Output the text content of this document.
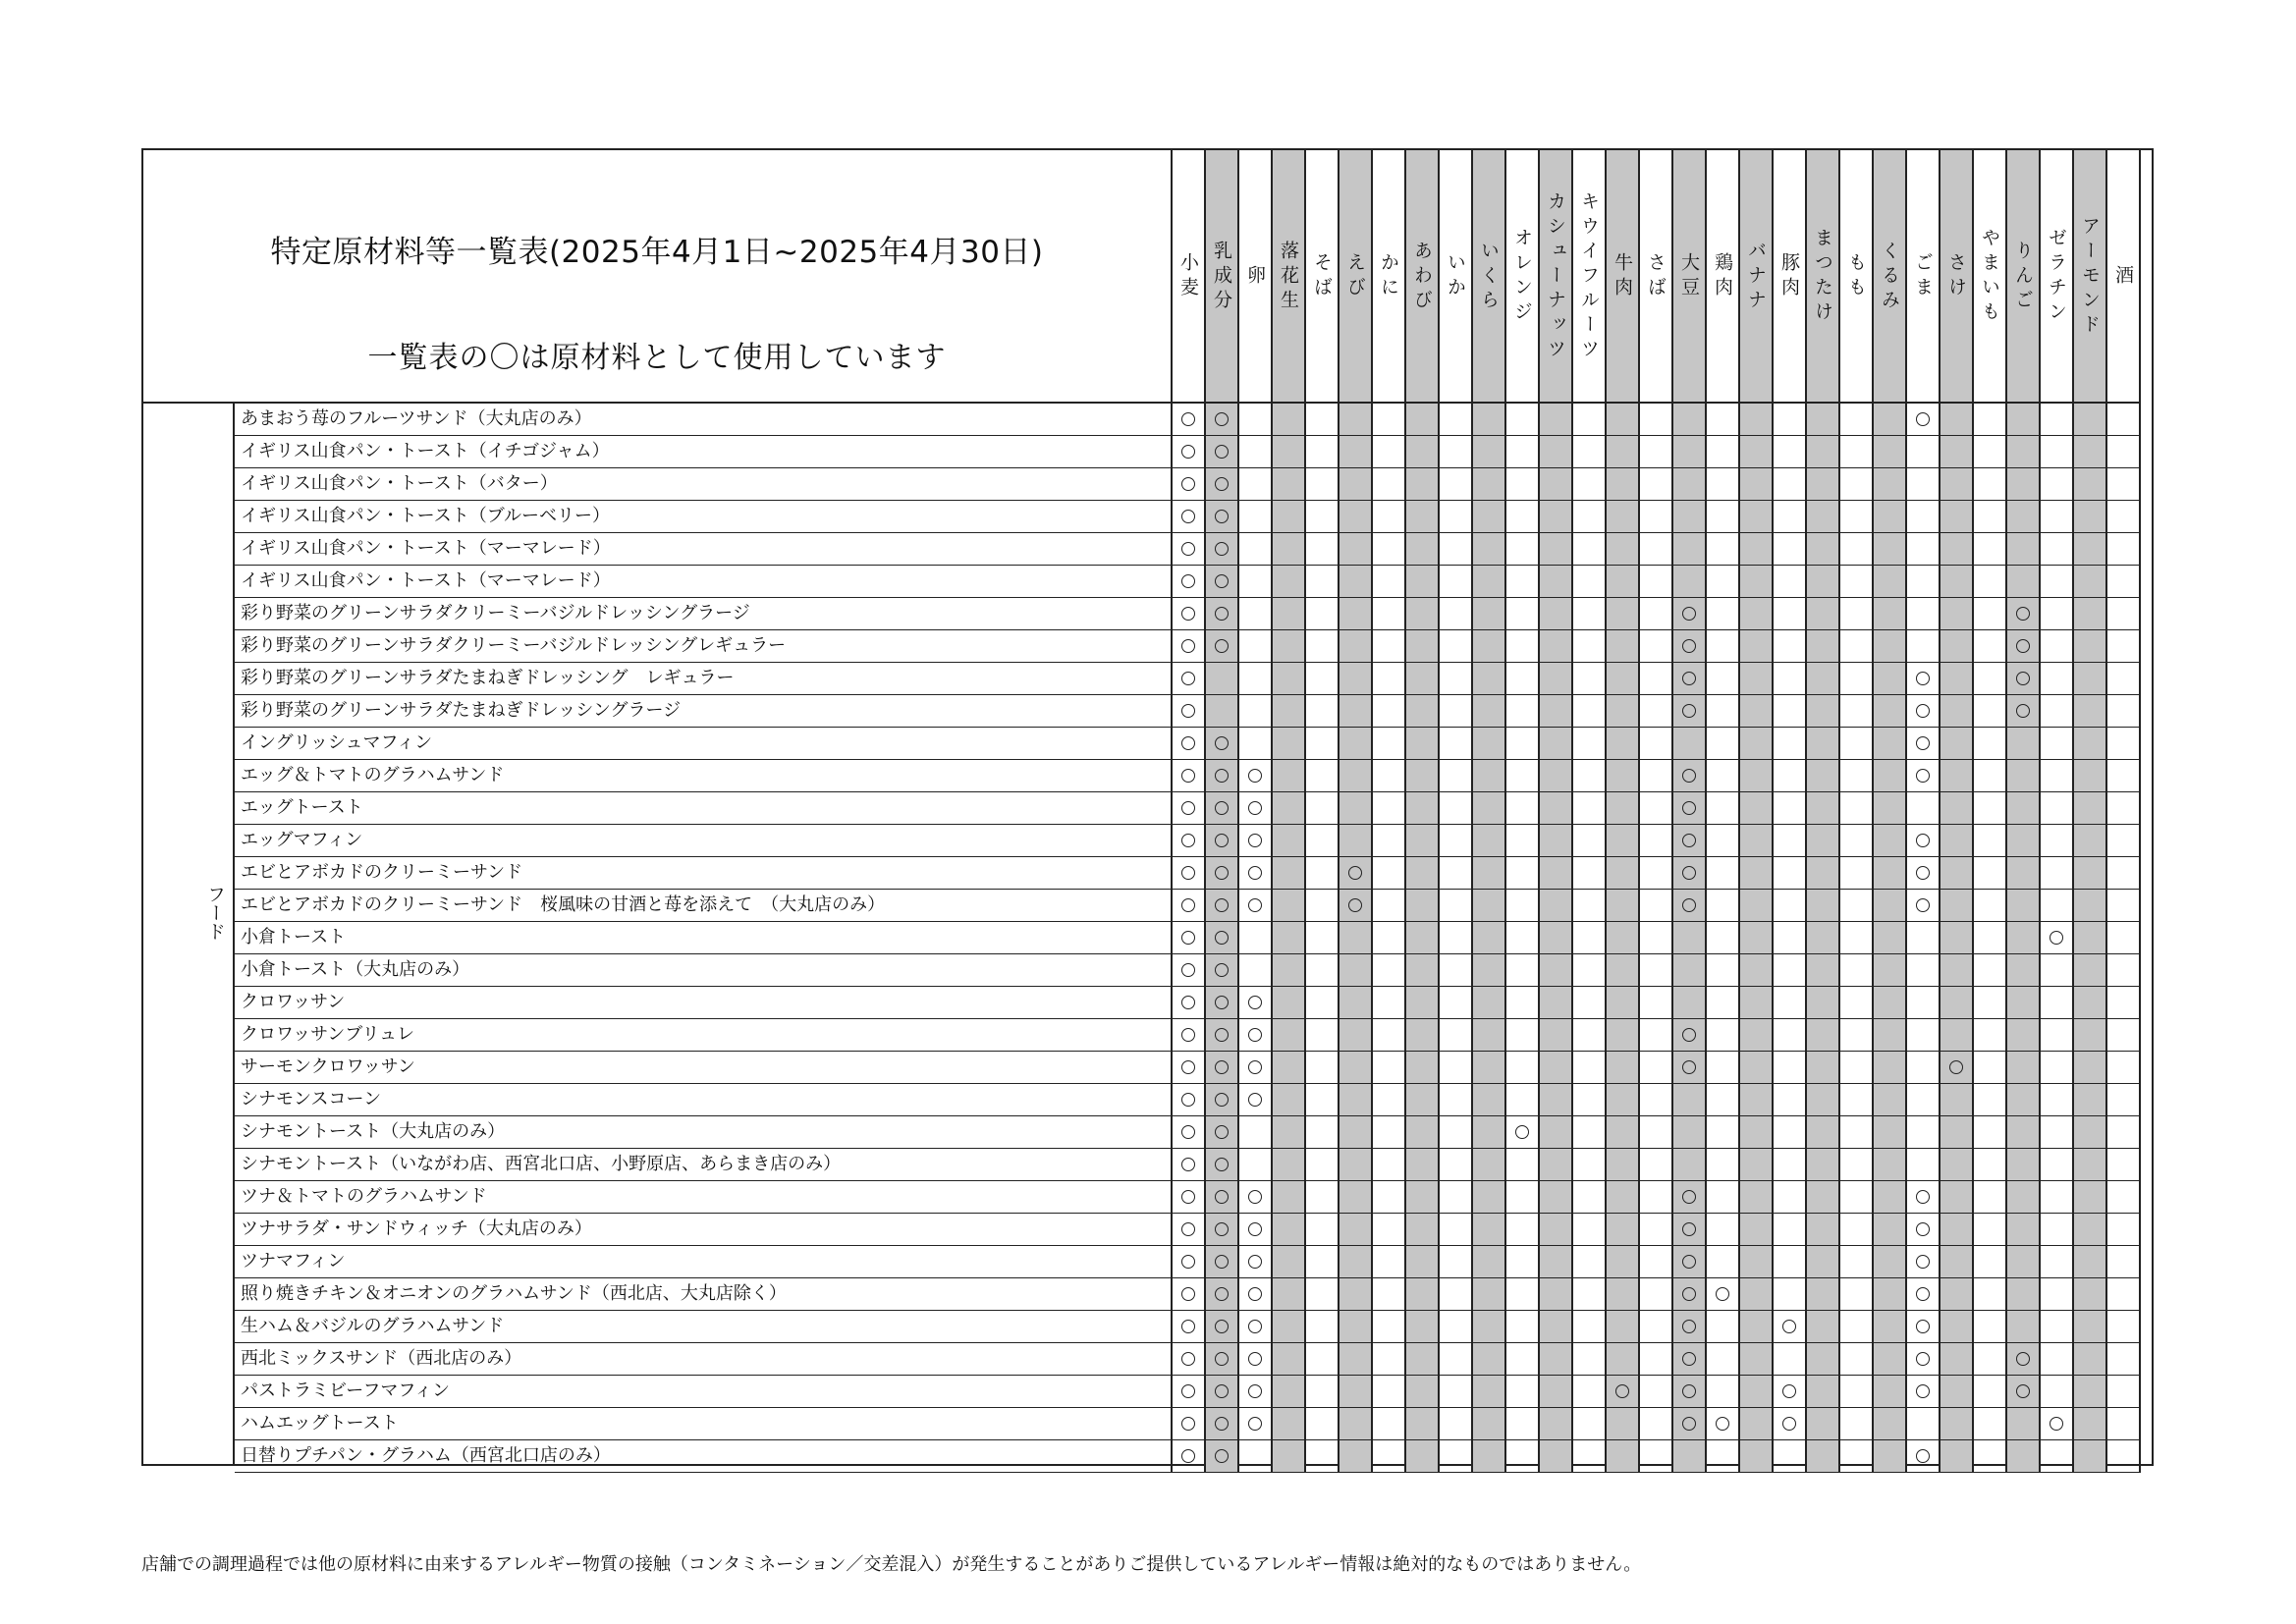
特定原材料等一覧表(2025年4月1日~2025年4月30日)
一覧表の〇は原材料として使用しています
フード
小麦 乳成分 卵 落花生 そば えび かに あわび いか いくら オレンジ カシューナッツ キウイフルーツ 牛肉 さば 大豆 鶏肉 バナナ 豚肉 まつたけ もも くるみ ごま さけ やまいも りんご ゼラチン アーモンド 酒
あまおう苺のフルーツサンド（大丸店のみ）
イギリス山食パン・トースト（イチゴジャム）
イギリス山食パン・トースト（バター）
イギリス山食パン・トースト（ブルーベリー）
イギリス山食パン・トースト（マーマレード）
イギリス山食パン・トースト（マーマレード）
彩り野菜のグリーンサラダクリーミーバジルドレッシングラージ
彩り野菜のグリーンサラダクリーミーバジルドレッシングレギュラー
彩り野菜のグリーンサラダたまねぎドレッシング　レギュラー
彩り野菜のグリーンサラダたまねぎドレッシングラージ
イングリッシュマフィン
エッグ＆トマトのグラハムサンド
エッグトースト
エッグマフィン
エビとアボカドのクリーミーサンド
エビとアボカドのクリーミーサンド　桜風味の甘酒と苺を添えて　（大丸店のみ）
小倉トースト
小倉トースト（大丸店のみ）
クロワッサン
クロワッサンブリュレ
サーモンクロワッサン
シナモンスコーン
シナモントースト（大丸店のみ）
シナモントースト（いながわ店、西宮北口店、小野原店、あらまき店のみ）
ツナ＆トマトのグラハムサンド
ツナサラダ・サンドウィッチ（大丸店のみ）
ツナマフィン
照り焼きチキン＆オニオンのグラハムサンド（西北店、大丸店除く）
生ハム＆バジルのグラハムサンド
西北ミックスサンド（西北店のみ）
パストラミビーフマフィン
ハムエッグトースト
日替りプチパン・グラハム（西宮北口店のみ）
店舗での調理過程では他の原材料に由来するアレルギー物質の接触（コンタミネーション／交差混入）が発生することがありご提供しているアレルギー情報は絶対的なものではありません。
